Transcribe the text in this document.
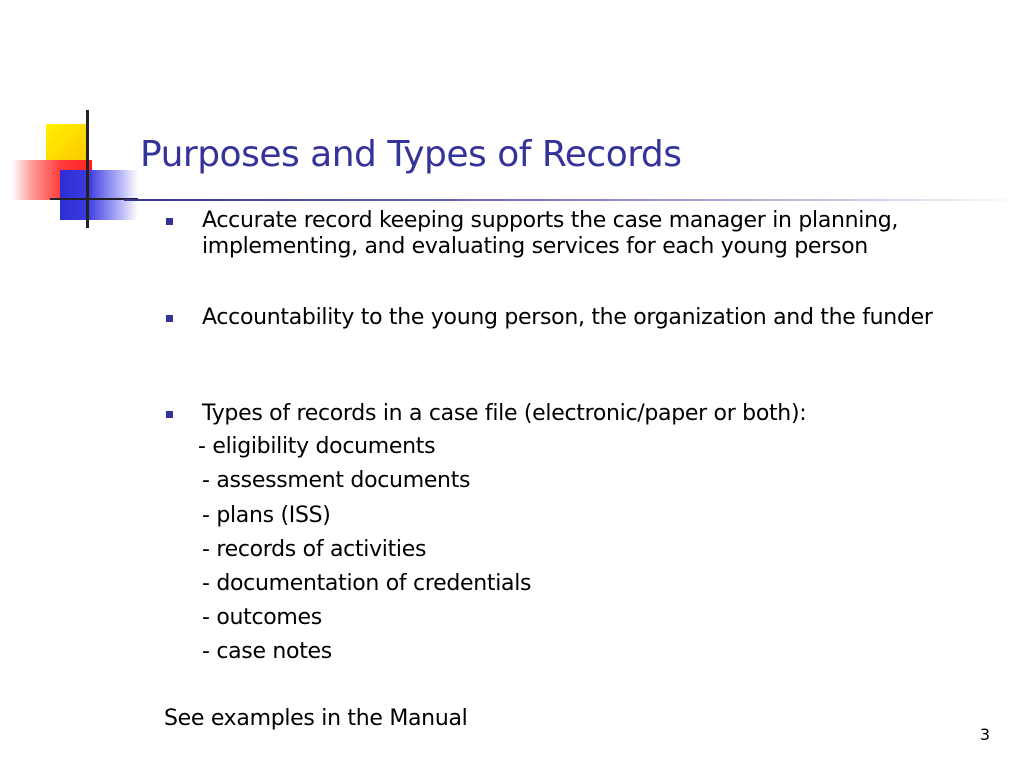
Purposes and Types of Records
Accurate record keeping supports the case manager in planning, implementing, and evaluating services for each young person
Accountability to the young person, the organization and the funder
Types of records in a case file (electronic/paper or both):
- eligibility documents
- assessment documents
- plans (ISS)
- records of activities
- documentation of credentials
- outcomes
- case notes
See examples in the Manual
3
